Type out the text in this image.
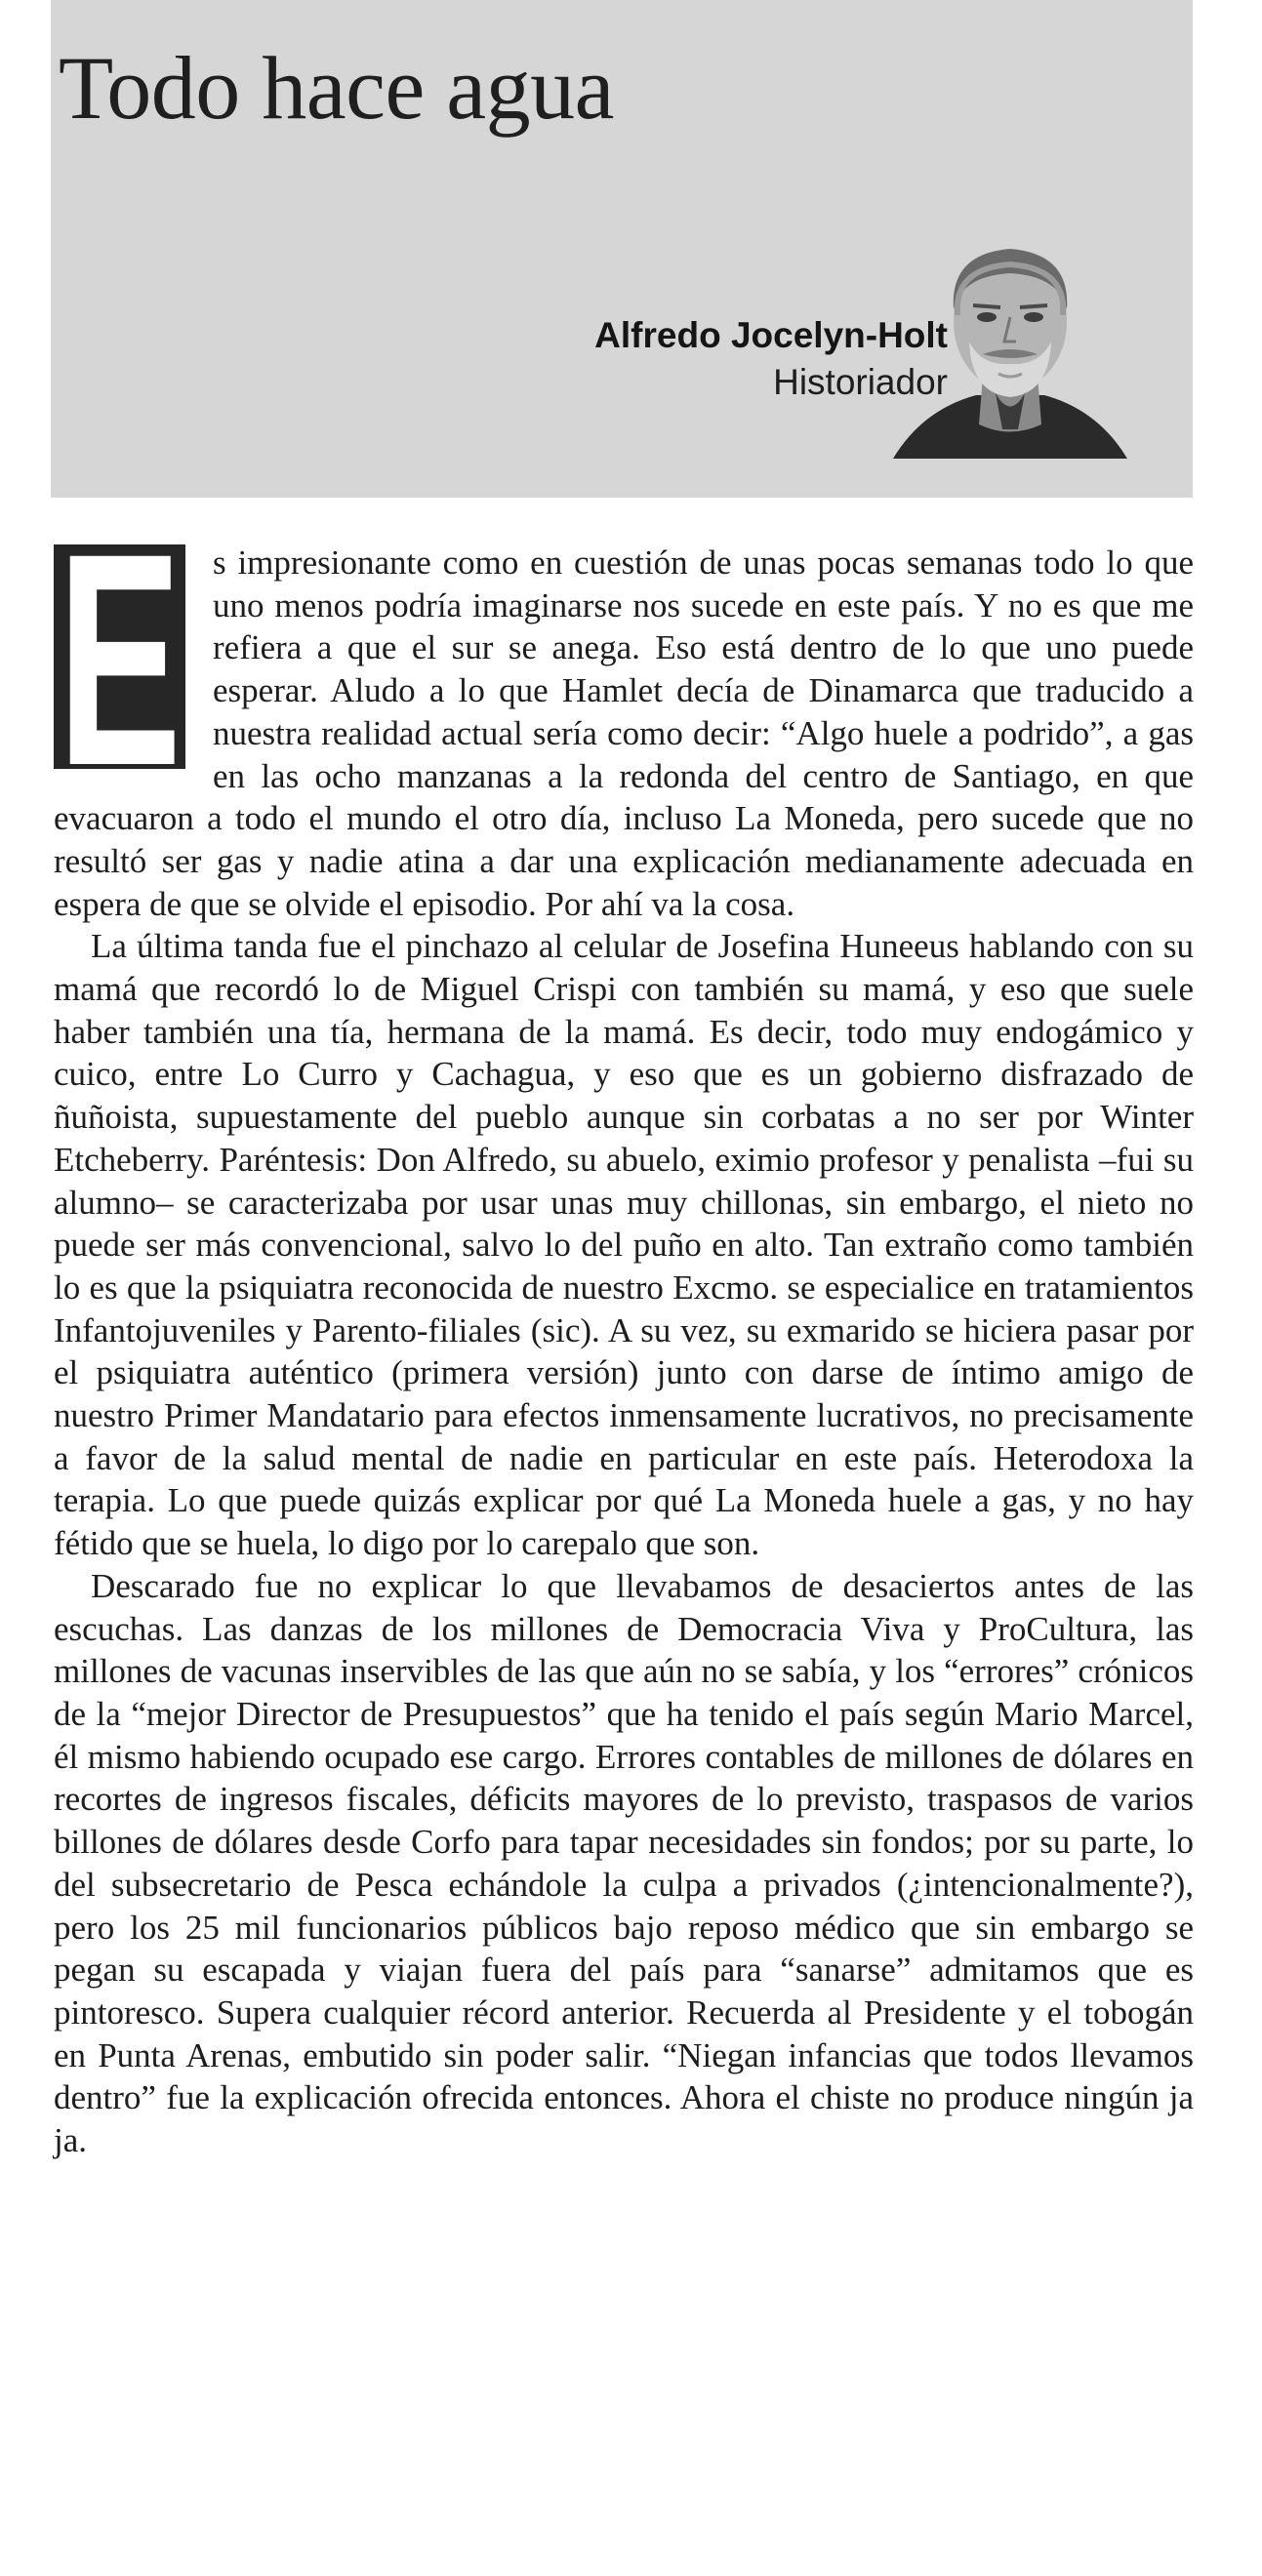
Todo hace agua
Alfredo Jocelyn-Holt
Historiador

E s impresionante como en cuestión de unas pocas semanas todo lo que uno menos podría imaginarse nos sucede en este país. Y no es que me refiera a que el sur se anega. Eso está dentro de lo que uno puede esperar. Aludo a lo que Hamlet decía de Dinamarca que traducido a nuestra realidad actual sería como decir: “Algo huele a podrido”, a gas en las ocho manzanas a la redonda del centro de Santiago, en que evacuaron a todo el mundo el otro día, incluso La Moneda, pero sucede que no resultó ser gas y nadie atina a dar una explicación medianamente adecuada en espera de que se olvide el episodio. Por ahí va la cosa.

La última tanda fue el pinchazo al celular de Josefina Huneeus hablando con su mamá que recordó lo de Miguel Crispi con también su mamá, y eso que suele haber también una tía, hermana de la mamá. Es decir, todo muy endogámico y cuico, entre Lo Curro y Cachagua, y eso que es un gobierno disfrazado de ñuñoista, supuestamente del pueblo aunque sin corbatas a no ser por Winter Etcheberry. Paréntesis: Don Alfredo, su abuelo, eximio profesor y penalista –fui su alumno– se caracterizaba por usar unas muy chillonas, sin embargo, el nieto no puede ser más convencional, salvo lo del puño en alto. Tan extraño como también lo es que la psiquiatra reconocida de nuestro Excmo. se especialice en tratamientos Infantojuveniles y Parento-filiales (sic). A su vez, su exmarido se hiciera pasar por el psiquiatra auténtico (primera versión) junto con darse de íntimo amigo de nuestro Primer Mandatario para efectos inmensamente lucrativos, no precisamente a favor de la salud mental de nadie en particular en este país. Heterodoxa la terapia. Lo que puede quizás explicar por qué La Moneda huele a gas, y no hay fétido que se huela, lo digo por lo carepalo que son.

Descarado fue no explicar lo que llevabamos de desaciertos antes de las escuchas. Las danzas de los millones de Democracia Viva y ProCultura, las millones de vacunas inservibles de las que aún no se sabía, y los “errores” crónicos de la “mejor Director de Presupuestos” que ha tenido el país según Mario Marcel, él mismo habiendo ocupado ese cargo. Errores contables de millones de dólares en recortes de ingresos fiscales, déficits mayores de lo previsto, traspasos de varios billones de dólares desde Corfo para tapar necesidades sin fondos; por su parte, lo del subsecretario de Pesca echándole la culpa a privados (¿intencionalmente?), pero los 25 mil funcionarios públicos bajo reposo médico que sin embargo se pegan su escapada y viajan fuera del país para “sanarse” admitamos que es pintoresco. Supera cualquier récord anterior. Recuerda al Presidente y el tobogán en Punta Arenas, embutido sin poder salir. “Niegan infancias que todos llevamos dentro” fue la explicación ofrecida entonces. Ahora el chiste no produce ningún ja ja.
